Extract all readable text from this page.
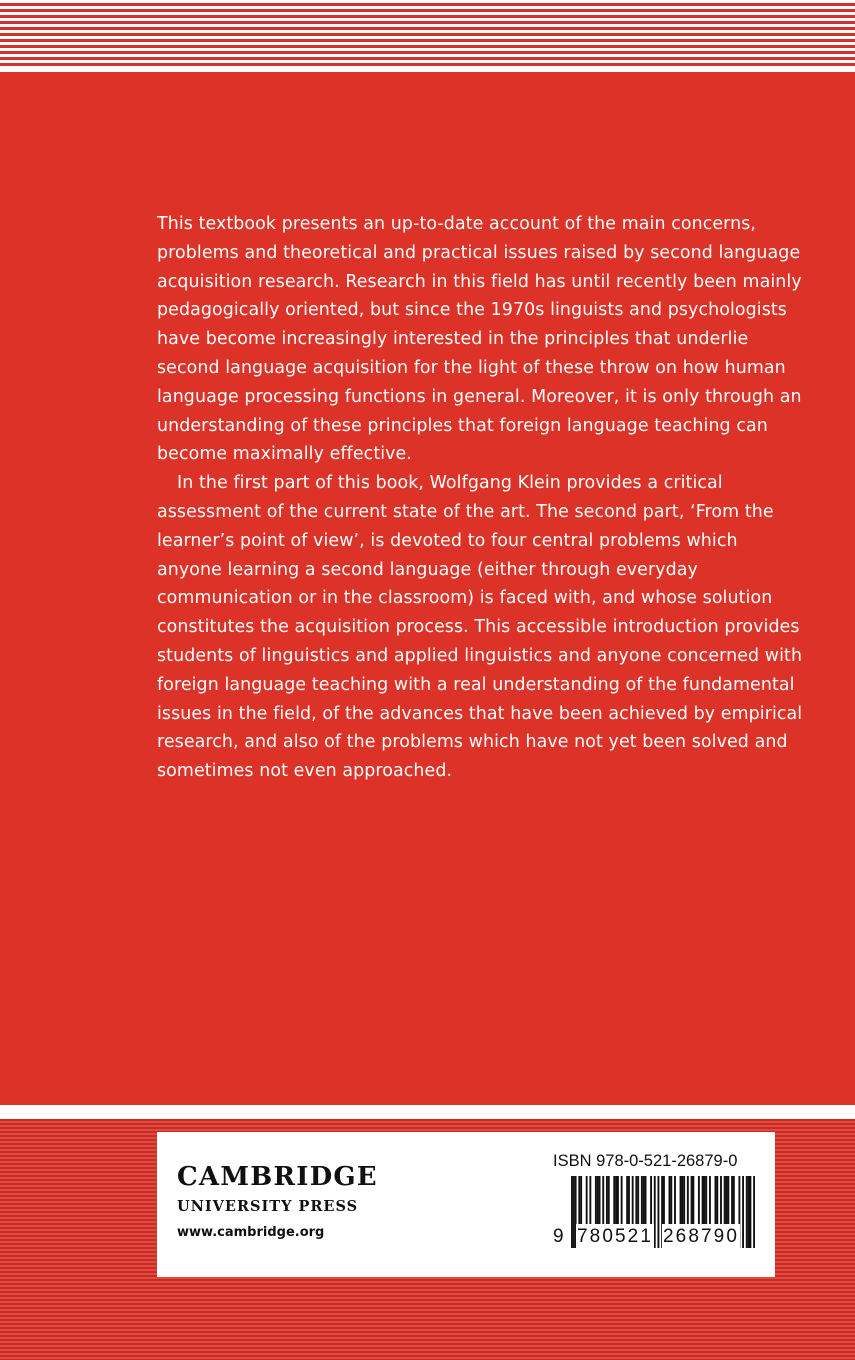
This textbook presents an up-to-date account of the main concerns,

problems and theoretical and practical issues raised by second language

acquisition research. Research in this field has until recently been mainly

pedagogically oriented, but since the 1970s linguists and psychologists

have become increasingly interested in the principles that underlie

second language acquisition for the light of these throw on how human

language processing functions in general. Moreover, it is only through an

understanding of these principles that foreign language teaching can

become maximally effective.

In the first part of this book, Wolfgang Klein provides a critical

assessment of the current state of the art. The second part, ‘From the

learner’s point of view’, is devoted to four central problems which

anyone learning a second language (either through everyday

communication or in the classroom) is faced with, and whose solution

constitutes the acquisition process. This accessible introduction provides

students of linguistics and applied linguistics and anyone concerned with

foreign language teaching with a real understanding of the fundamental

issues in the field, of the advances that have been achieved by empirical

research, and also of the problems which have not yet been solved and

sometimes not even approached.

CAMBRIDGE

UNIVERSITY PRESS

www.cambridge.org

ISBN 978-0-521-26879-0

9 780521 268790
